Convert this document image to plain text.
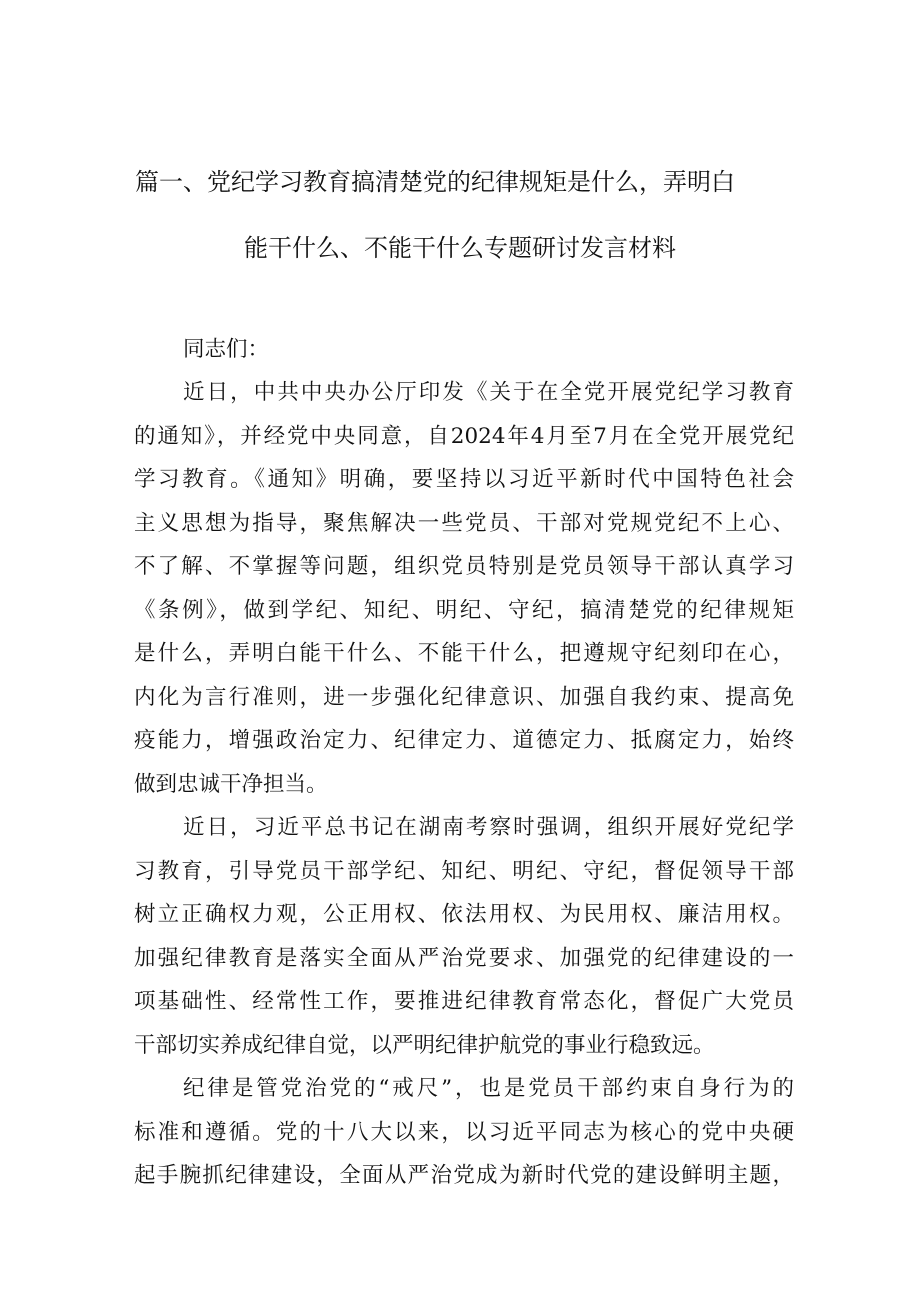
篇一、党纪学习教育搞清楚党的纪律规矩是什么，弄明白
能干什么、不能干什么专题研讨发言材料
同志们：
近日，中共中央办公厅印发《关于在全党开展党纪学习教育
的通知》，并经党中央同意，自2024年4月至7月在全党开展党纪
学习教育。《通知》明确，要坚持以习近平新时代中国特色社会
主义思想为指导，聚焦解决一些党员、干部对党规党纪不上心、
不了解、不掌握等问题，组织党员特别是党员领导干部认真学习
《条例》，做到学纪、知纪、明纪、守纪，搞清楚党的纪律规矩
是什么，弄明白能干什么、不能干什么，把遵规守纪刻印在心，
内化为言行准则，进一步强化纪律意识、加强自我约束、提高免
疫能力，增强政治定力、纪律定力、道德定力、抵腐定力，始终
做到忠诚干净担当。
近日，习近平总书记在湖南考察时强调，组织开展好党纪学
习教育，引导党员干部学纪、知纪、明纪、守纪，督促领导干部
树立正确权力观，公正用权、依法用权、为民用权、廉洁用权。
加强纪律教育是落实全面从严治党要求、加强党的纪律建设的一
项基础性、经常性工作，要推进纪律教育常态化，督促广大党员
干部切实养成纪律自觉，以严明纪律护航党的事业行稳致远。
纪律是管党治党的“戒尺”，也是党员干部约束自身行为的
标准和遵循。党的十八大以来，以习近平同志为核心的党中央硬
起手腕抓纪律建设，全面从严治党成为新时代党的建设鲜明主题，
